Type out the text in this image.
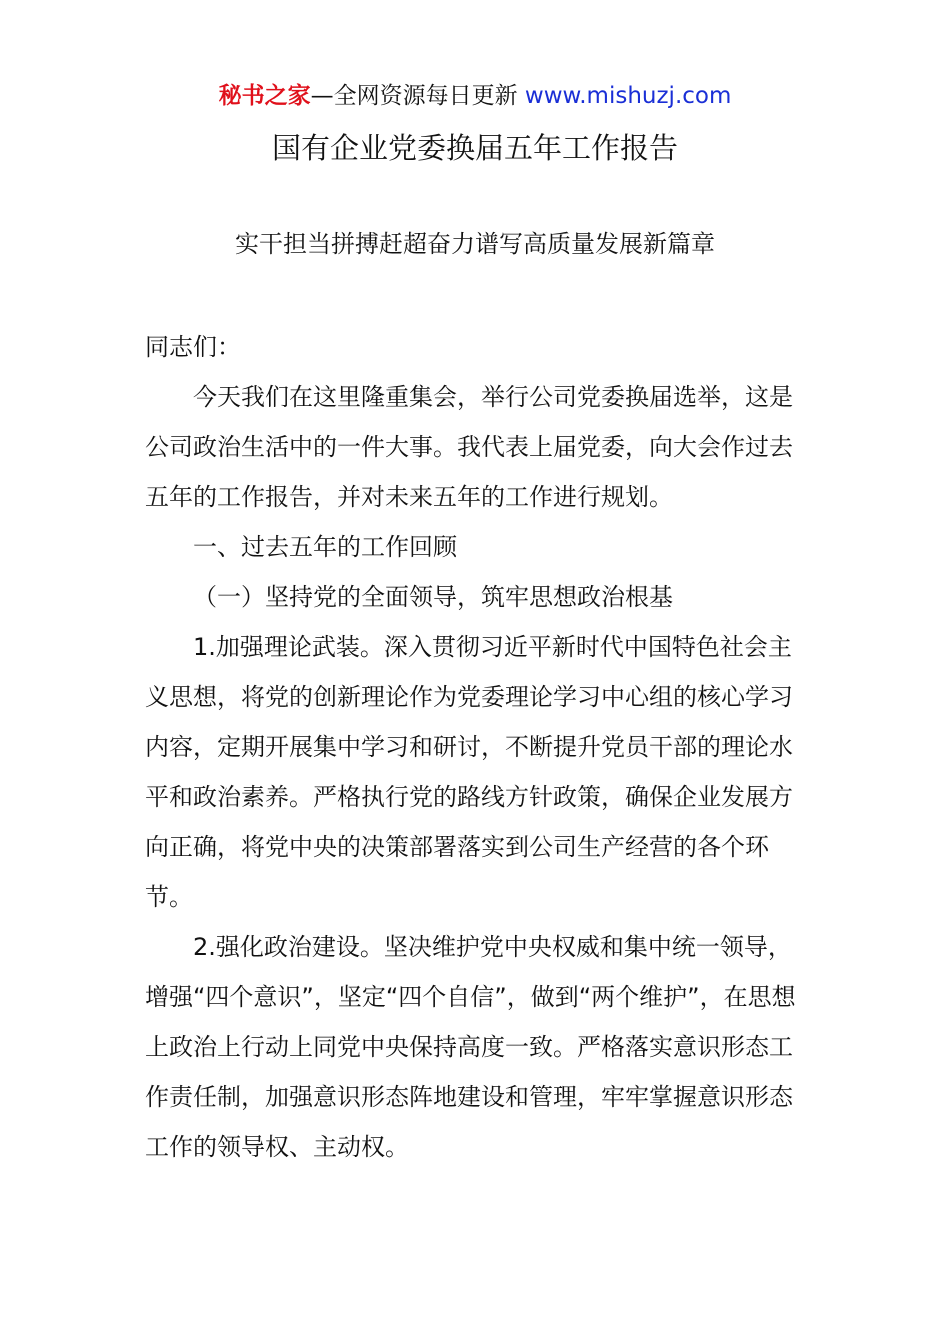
秘书之家—全网资源每日更新 www.mishuzj.com
国有企业党委换届五年工作报告
实干担当拼搏赶超奋力谱写高质量发展新篇章

同志们：

今天我们在这里隆重集会，举行公司党委换届选举，这是公司政治生活中的一件大事。我代表上届党委，向大会作过去五年的工作报告，并对未来五年的工作进行规划。

一、过去五年的工作回顾

（一）坚持党的全面领导，筑牢思想政治根基

1.加强理论武装。深入贯彻习近平新时代中国特色社会主义思想，将党的创新理论作为党委理论学习中心组的核心学习内容，定期开展集中学习和研讨，不断提升党员干部的理论水平和政治素养。严格执行党的路线方针政策，确保企业发展方向正确，将党中央的决策部署落实到公司生产经营的各个环节。

2.强化政治建设。坚决维护党中央权威和集中统一领导，增强“四个意识”，坚定“四个自信”，做到“两个维护”，在思想上政治上行动上同党中央保持高度一致。严格落实意识形态工作责任制，加强意识形态阵地建设和管理，牢牢掌握意识形态工作的领导权、主动权。
